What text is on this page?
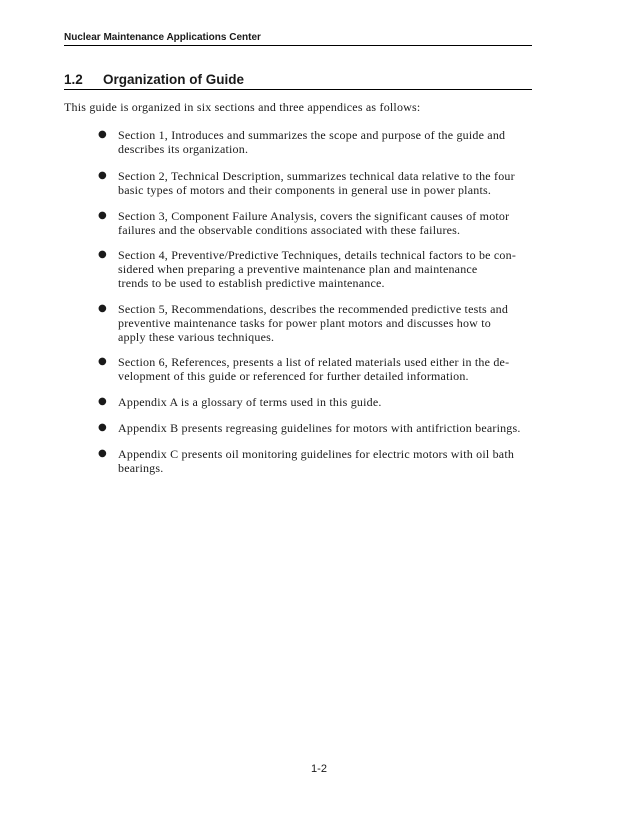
Nuclear Maintenance Applications Center
1.2	Organization of Guide

This guide is organized in six sections and three appendices as follows:

● Section 1, Introduces and summarizes the scope and purpose of the guide and
describes its organization.
● Section 2, Technical Description, summarizes technical data relative to the four
basic types of motors and their components in general use in power plants.
● Section 3, Component Failure Analysis, covers the significant causes of motor
failures and the observable conditions associated with these failures.
● Section 4, Preventive/Predictive Techniques, details technical factors to be con-
sidered when preparing a preventive maintenance plan and maintenance
trends to be used to establish predictive maintenance.
● Section 5, Recommendations, describes the recommended predictive tests and
preventive maintenance tasks for power plant motors and discusses how to
apply these various techniques.
● Section 6, References, presents a list of related materials used either in the de-
velopment of this guide or referenced for further detailed information.
● Appendix A is a glossary of terms used in this guide.
● Appendix B presents regreasing guidelines for motors with antifriction bearings.
● Appendix C presents oil monitoring guidelines for electric motors with oil bath
bearings.
1-2
